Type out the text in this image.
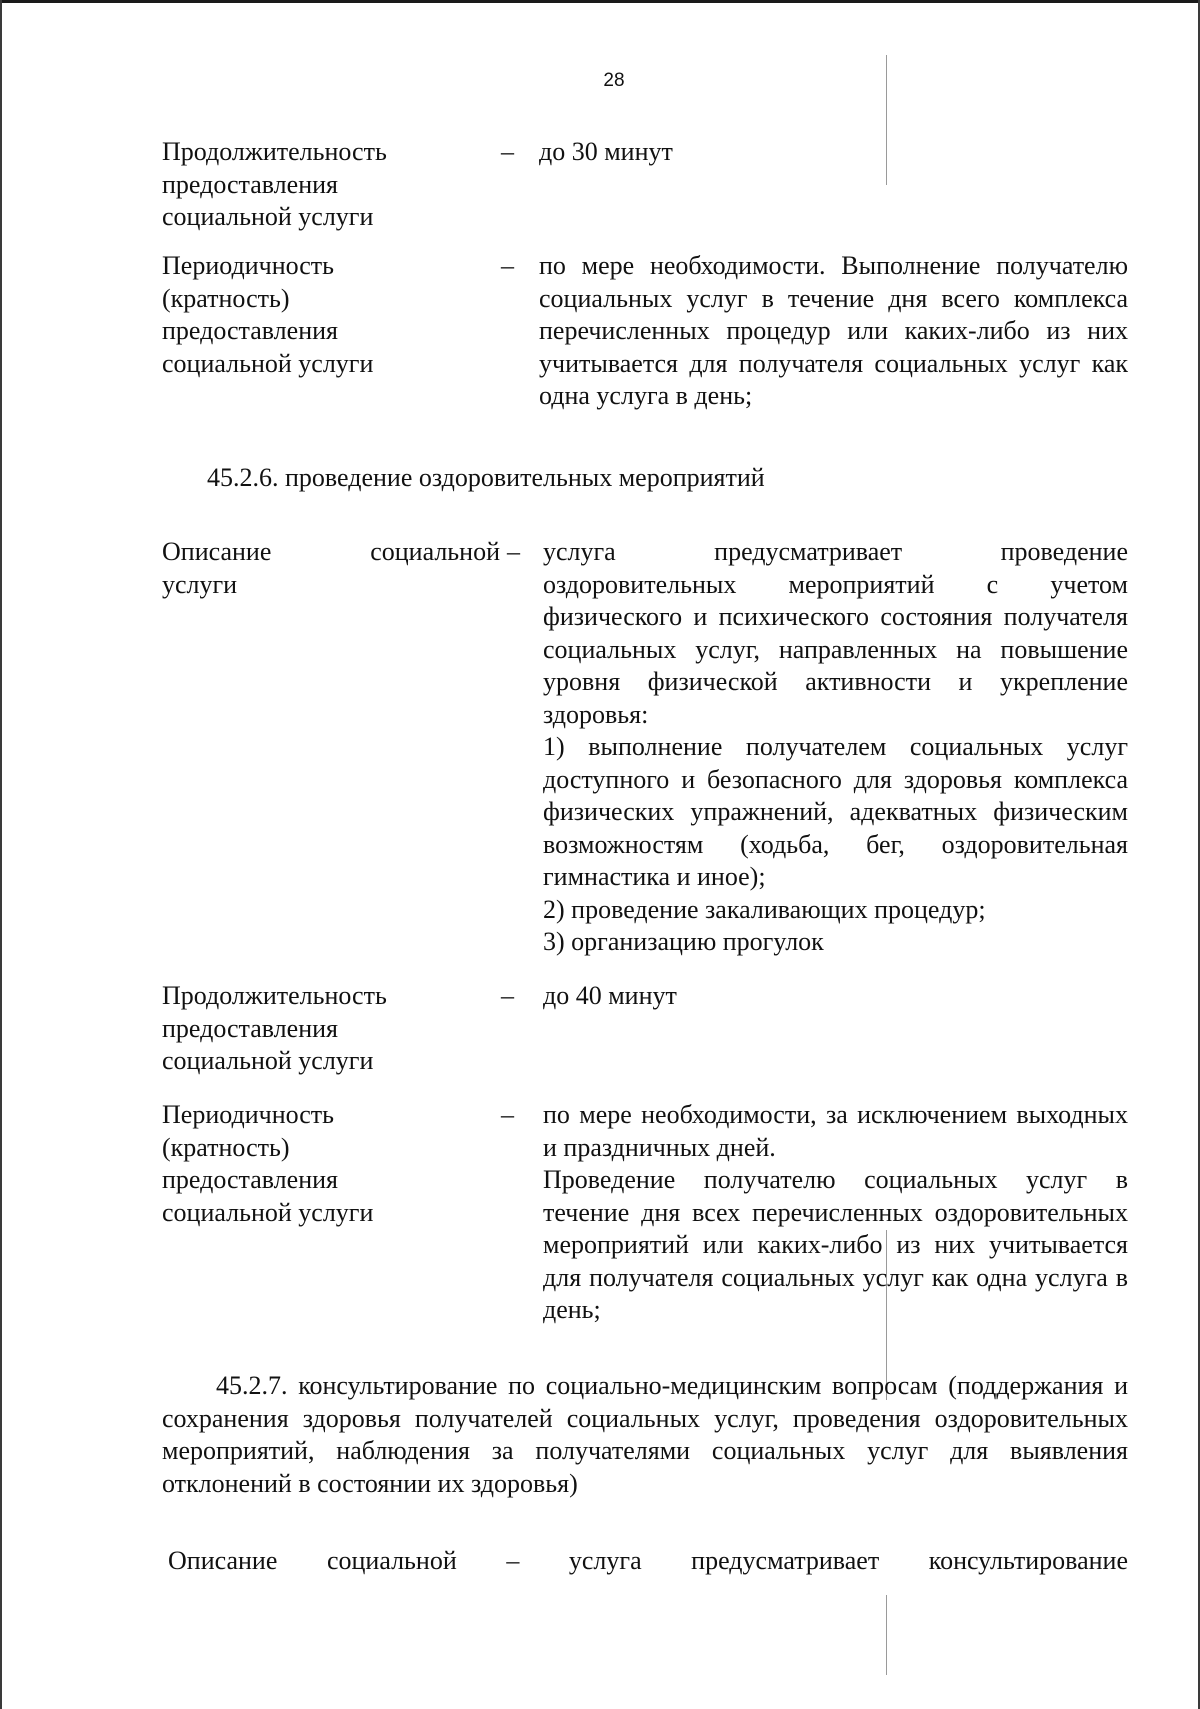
28
Продолжительность
предоставления
социальной услуги
– до 30 минут
Периодичность
(кратность)
предоставления
социальной услуги
– по мере необходимости. Выполнение получателю социальных услуг в течение дня всего комплекса перечисленных процедур или каких-либо из них учитывается для получателя социальных услуг как одна услуга в день;
45.2.6. проведение оздоровительных мероприятий
Описание социальной
услуги
– услуга предусматривает проведение оздоровительных мероприятий с учетом физического и психического состояния получателя социальных услуг, направленных на повышение уровня физической активности и укрепление здоровья:

1) выполнение получателем социальных услуг доступного и безопасного для здоровья комплекса физических упражнений, адекватных физическим возможностям (ходьба, бег, оздоровительная гимнастика и иное);

2) проведение закаливающих процедур;

3) организацию прогулок

Продолжительность
предоставления
социальной услуги
– до 40 минут
Периодичность
(кратность)
предоставления
социальной услуги
– по мере необходимости, за исключением выходных и праздничных дней.

Проведение получателю социальных услуг в течение дня всех перечисленных оздоровительных мероприятий или каких-либо из них учитывается для получателя социальных услуг как одна услуга в день;

45.2.7. консультирование по социально-медицинским вопросам (поддержания и сохранения здоровья получателей социальных услуг, проведения оздоровительных мероприятий, наблюдения за получателями социальных услуг для выявления отклонений в состоянии их здоровья)
Описание социальной – услуга предусматривает консультирование
